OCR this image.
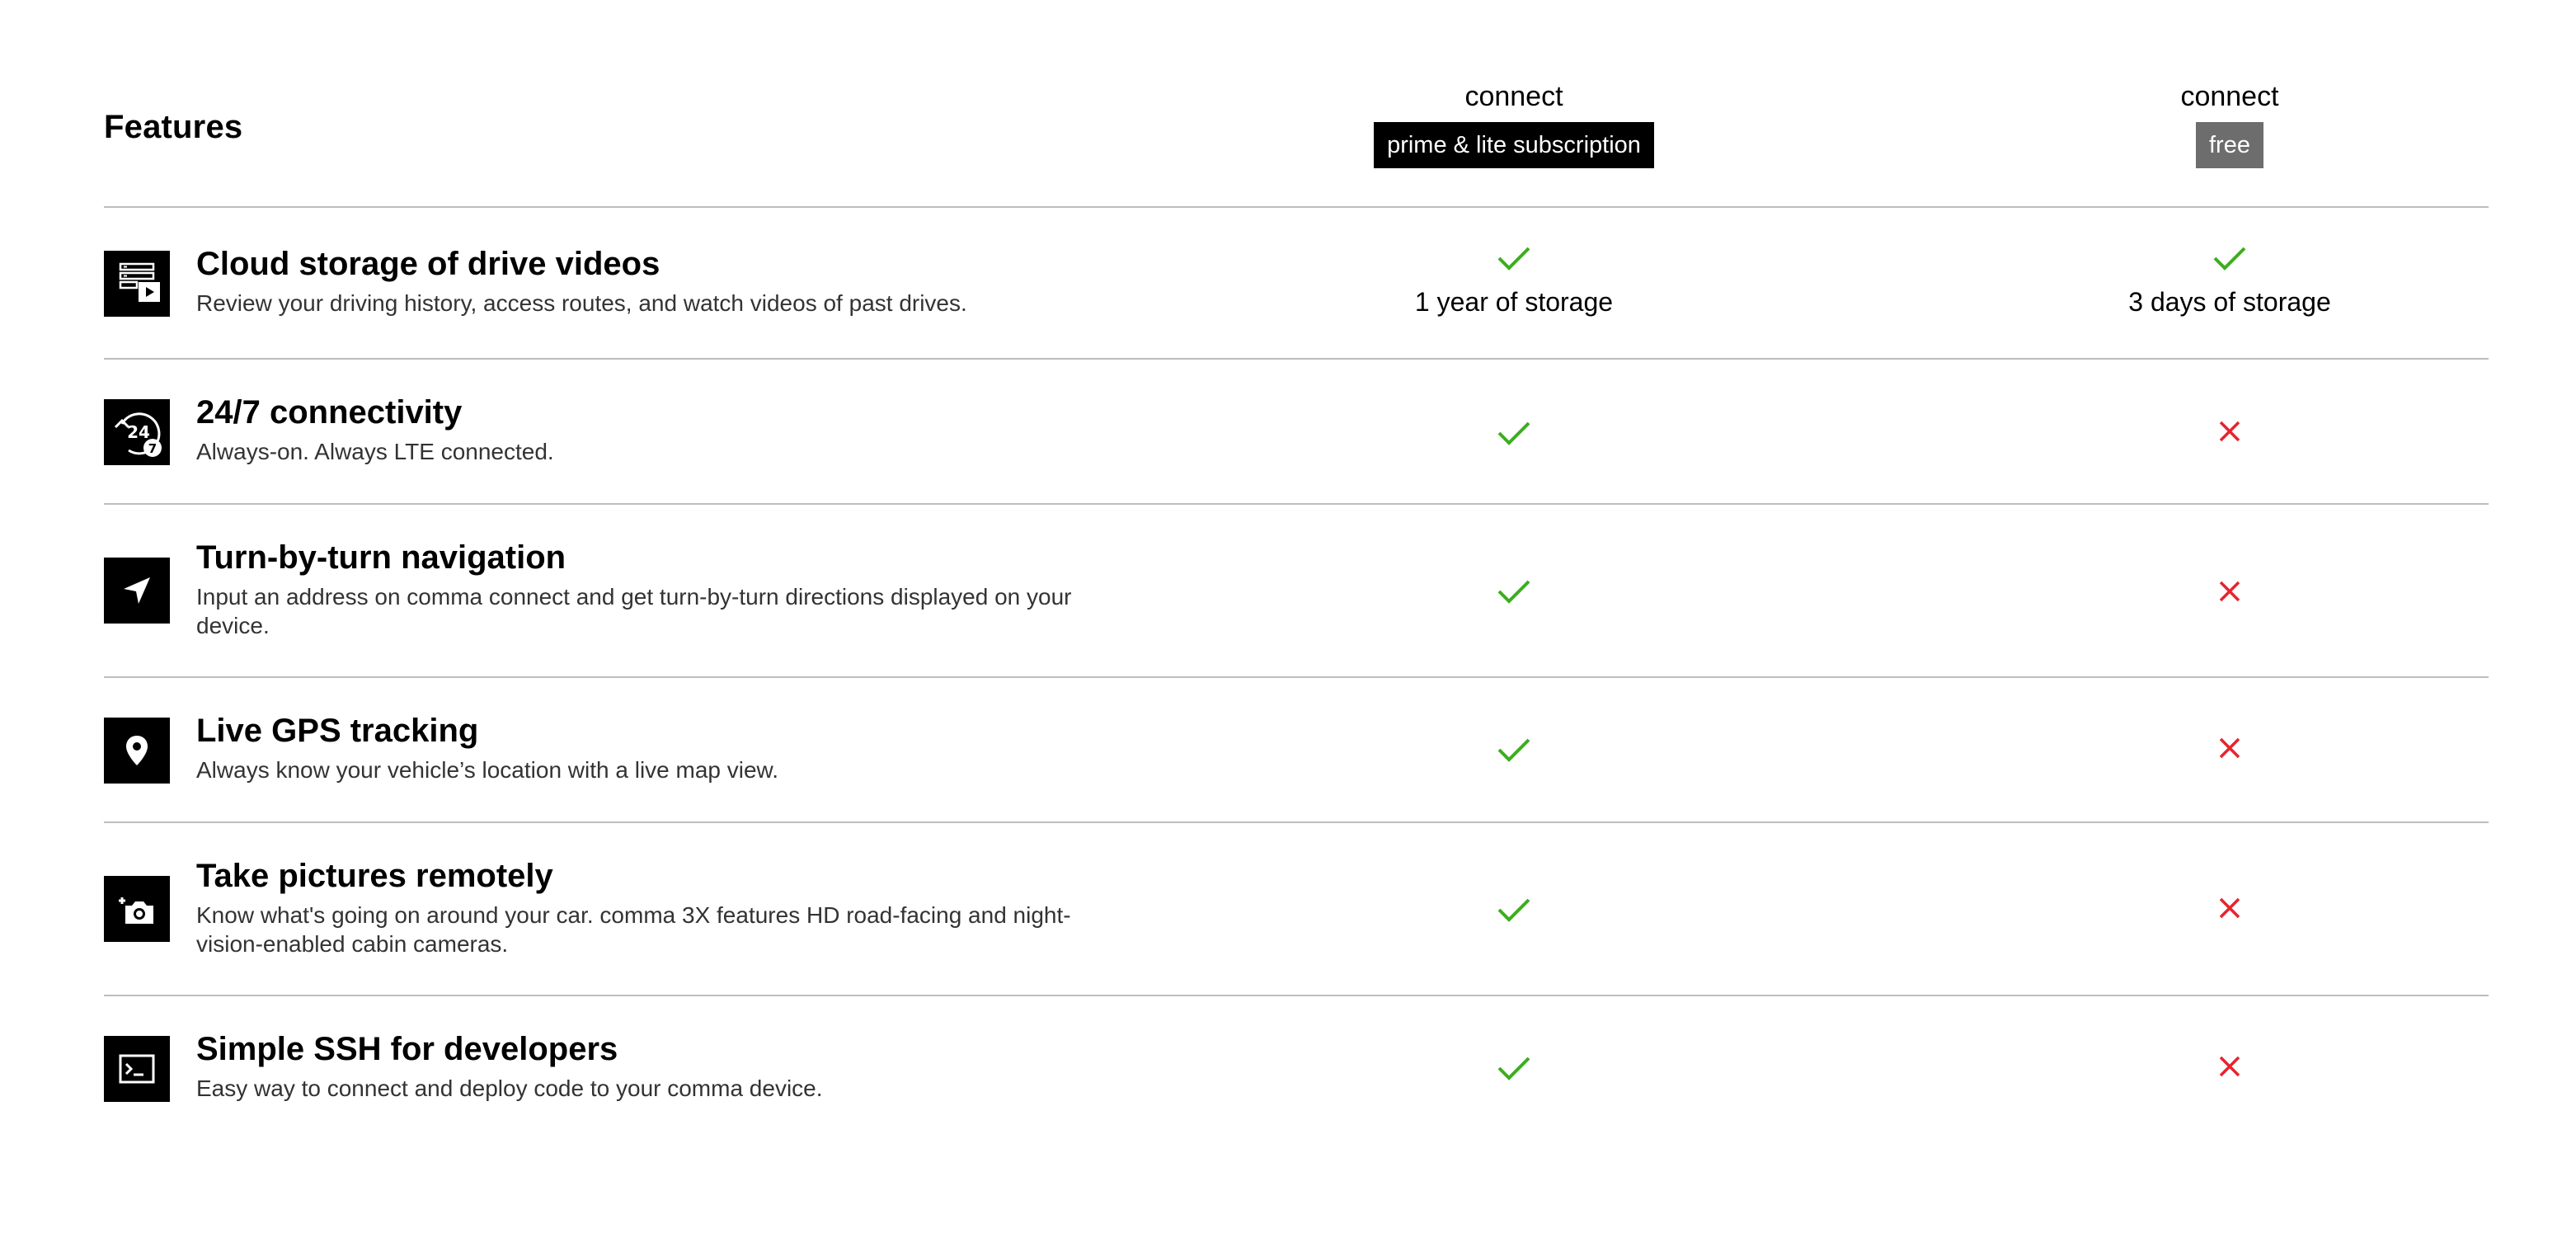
Features
connect
prime & lite subscription
connect
free
Cloud storage of drive videos
Review your driving history, access routes, and watch videos of past drives.	1 year of storage	3 days of storage
24
7
24/7 connectivity
Always-on. Always LTE connected.
Turn-by-turn navigation
Input an address on comma connect and get turn-by-turn directions displayed on your device.
Live GPS tracking
Always know your vehicle’s location with a live map view.
Take pictures remotely
Know what's going on around your car. comma 3X features HD road-facing and night-vision-enabled cabin cameras.
Simple SSH for developers
Easy way to connect and deploy code to your comma device.
